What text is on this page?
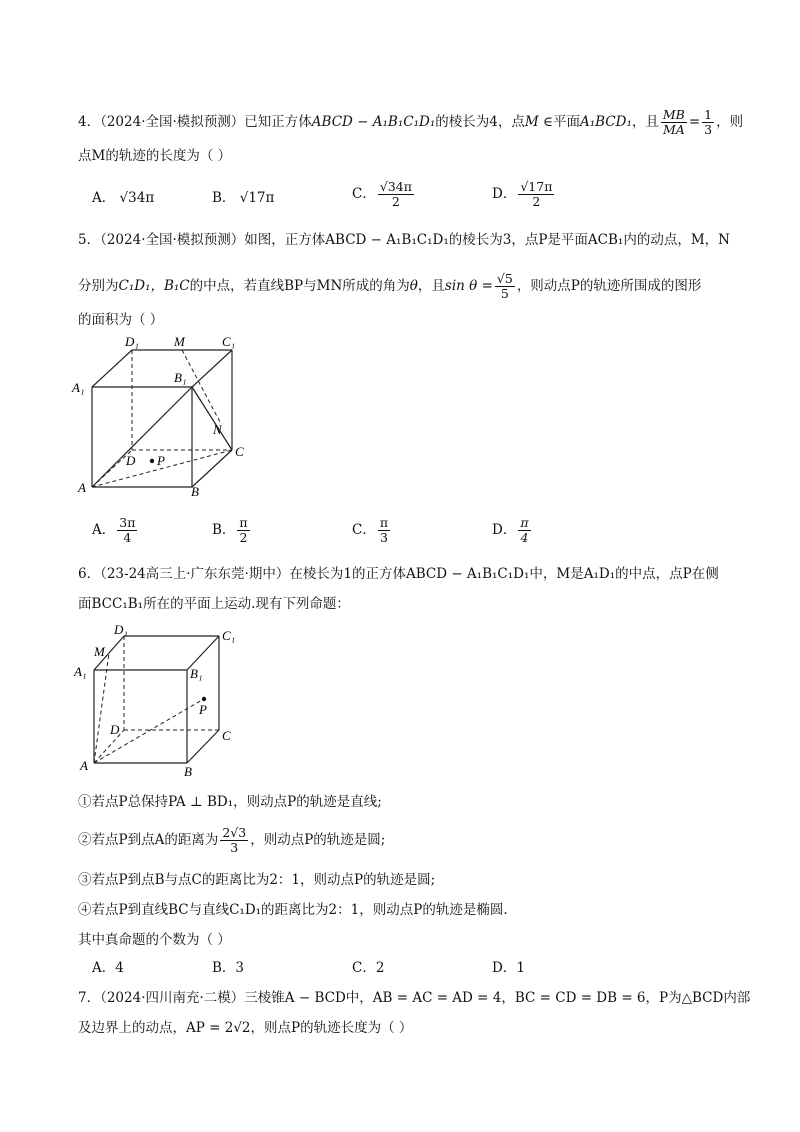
4．（2024·全国·模拟预测）已知正方体ABCD − A₁B₁C₁D₁的棱长为4，点M ∈平面A₁BCD₁，且 $\frac{MB}{MA} = \frac{1}{3}$ ，则
点M的轨迹的长度为（ ）
A． √34π	B． √17π	C． $\frac{√34\pi}{2}$	D． $\frac{√17\pi}{2}$
5．（2024·全国·模拟预测）如图，正方体ABCD − A₁B₁C₁D₁的棱长为3，点P是平面ACB₁内的动点，M，N
分别为C₁D₁，B₁C的中点，若直线BP与MN所成的角为θ，且$\sin \theta = \frac{√5}{5}$ ，则动点P的轨迹所围成的图形
的面积为（ ）
D₁	M	C₁
A₁
B₁
N
D P
C
A	B
A． $\frac{3\pi}{4}$	B． $\frac{\pi}{2}$	C． $\frac{\pi}{3}$	D． $\frac{\pi}{4}$
6．（23-24高三上·广东东莞·期中）在棱长为1的正方体ABCD − A₁B₁C₁D₁中，M是A₁D₁的中点，点P在侧
面BCC₁B₁所在的平面上运动.现有下列命题：
D₁	C₁
M
A₁	B₁
P
D	C
A	B
①若点P总保持PA ⊥ BD₁，则动点P的轨迹是直线;
②若点P到点A的距离为 $\frac{2√3}{3}$ ，则动点P的轨迹是圆;
③若点P到点B与点C的距离比为2：1，则动点P的轨迹是圆;
④若点P到直线BC与直线C₁D₁的距离比为2：1，则动点P的轨迹是椭圆.
其中真命题的个数为（ ）
A．4	B．3	C．2	D．1
7．（2024·四川南充·二模）三棱锥A − BCD中，AB = AC = AD = 4，BC = CD = DB = 6，P为△BCD内部
及边界上的动点，AP = 2√2，则点P的轨迹长度为（ ）
